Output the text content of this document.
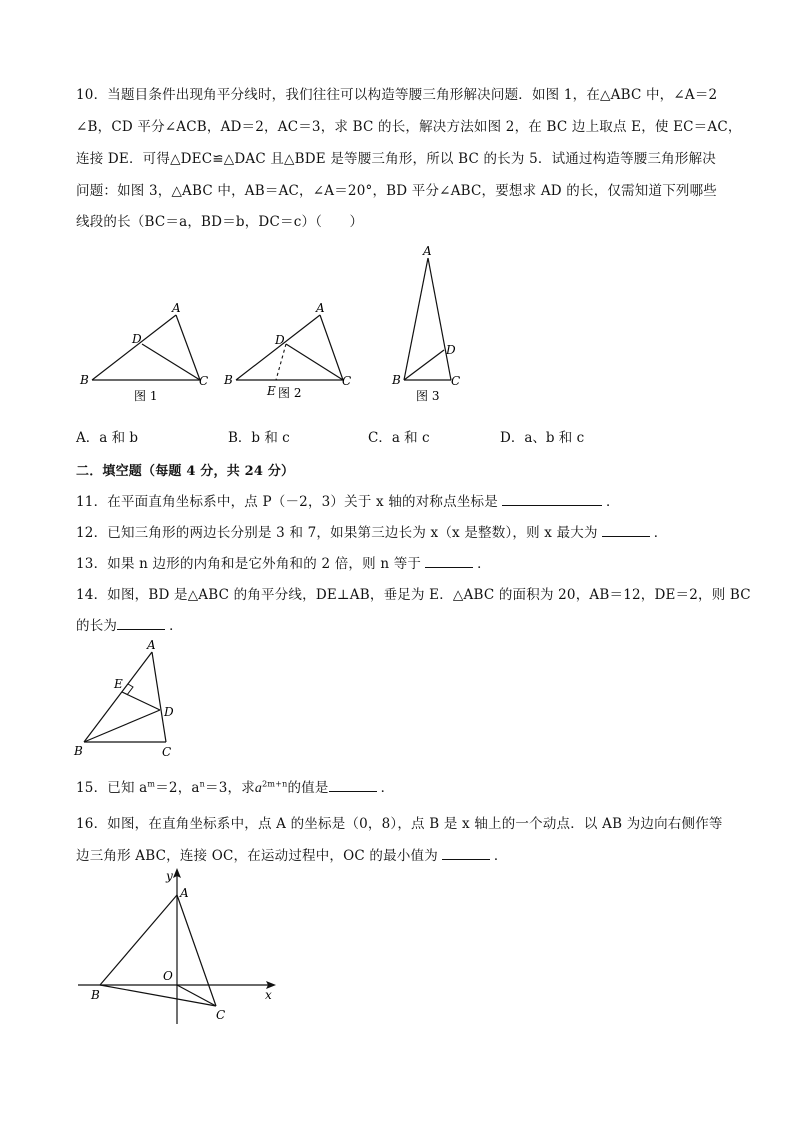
10．当题目条件出现角平分线时，我们往往可以构造等腰三角形解决问题．如图 1，在△ABC 中，∠A＝2
∠B，CD 平分∠ACB，AD＝2，AC＝3，求 BC 的长，解决方法如图 2，在 BC 边上取点 E，使 EC＝AC，
连接 DE．可得△DEC≌△DAC 且△BDE 是等腰三角形，所以 BC 的长为 5．试通过构造等腰三角形解决
问题：如图 3，△ABC 中，AB＝AC，∠A＝20°，BD 平分∠ABC，要想求 AD 的长，仅需知道下列哪些
线段的长（BC＝a，BD＝b，DC＝c）（　　）
A
B	C
D
图 1
A
B	C
D
E 图 2
A
B	C
D
图 3
A．a 和 b	B．b 和 c	C．a 和 c	D．a、b 和 c
二．填空题（每题 4 分，共 24 分）
11．在平面直角坐标系中，点 P（－2，3）关于 x 轴的对称点坐标是	．
12．已知三角形的两边长分别是 3 和 7，如果第三边长为 x（x 是整数），则 x 最大为	．
13．如果 n 边形的内角和是它外角和的 2 倍，则 n 等于	．
14．如图，BD 是△ABC 的角平分线，DE⊥AB，垂足为 E．△ABC 的面积为 20，AB＝12，DE＝2，则 BC
的长为	．
A
B	C
D
E
15．已知 $a^m=2$，$a^n=3$，求$a^{2m+n}$的值是	．
16．如图，在直角坐标系中，点 A 的坐标是（0，8），点 B 是 x 轴上的一个动点．以 AB 为边向右侧作等
边三角形 ABC，连接 OC，在运动过程中，OC 的最小值为	．
A
B
C
O
x
y
